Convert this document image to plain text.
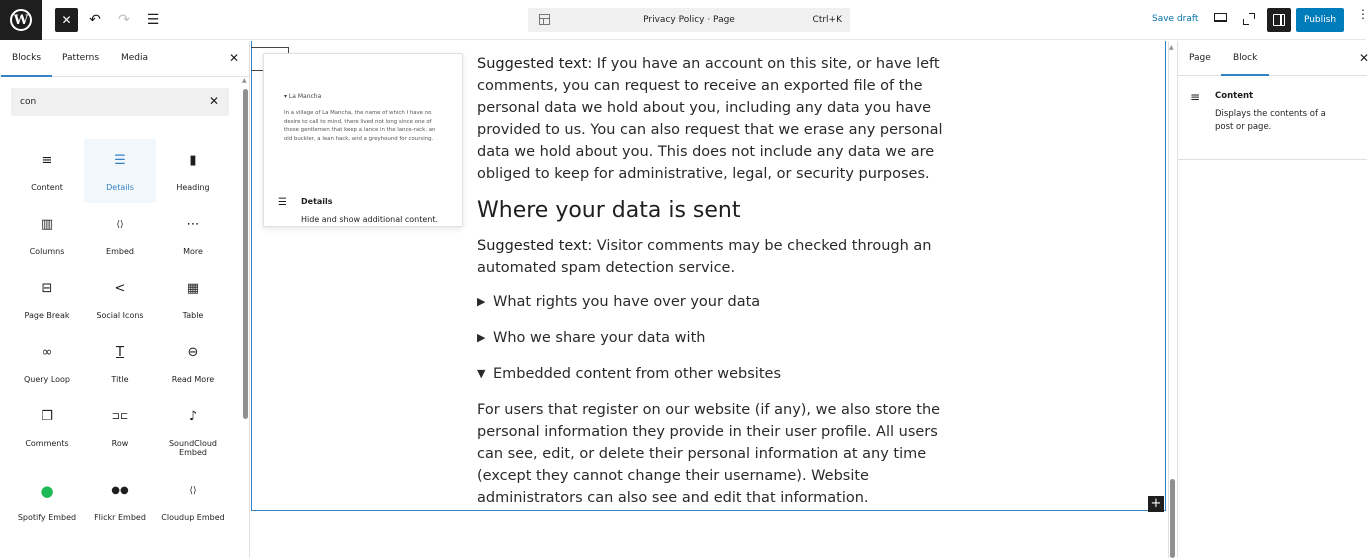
W	✕	↶	↷	☰	Privacy Policy · Page	Ctrl+K	Save draft	Publish	⋮
Blocks Patterns Media	✕
con	✕
≡
Content
☰
Details
▮
Heading
▥
Columns
⟨⟩
Embed
⋯
More
⊟
Page Break
<
Social Icons
▦
Table
∞
Query Loop
T
Title
⊖
Read More
❐
Comments
⊐⊏
Row
♪
SoundCloud Embed
●
Spotify Embed
●●
Flickr Embed
⟨⟩
Cloudup Embed
▲

Suggested text: If you have an account on this site, or have left comments, you can request to receive an exported file of the personal data we hold about you, including any data you have provided to us. You can also request that we erase any personal data we hold about you. This does not include any data we are obliged to keep for administrative, legal, or security purposes.

Where your data is sent

Suggested text: Visitor comments may be checked through an automated spam detection service.

▶ What rights you have over your data
▶ Who we share your data with
▼ Embedded content from other websites

For users that register on our website (if any), we also store the personal information they provide in their user profile. All users can see, edit, or delete their personal information at any time (except they cannot change their username). Website administrators can also see and edit that information.

▾ La Mancha
In a village of La Mancha, the name of which I have no desire to call to mind, there lived not long since one of those gentlemen that keep a lance in the lance-rack, an old buckler, a lean hack, and a greyhound for coursing.
☰ Details
Hide and show additional content.
+
▲
Page Block	✕
≡ Content
Displays the contents of a post or page.
